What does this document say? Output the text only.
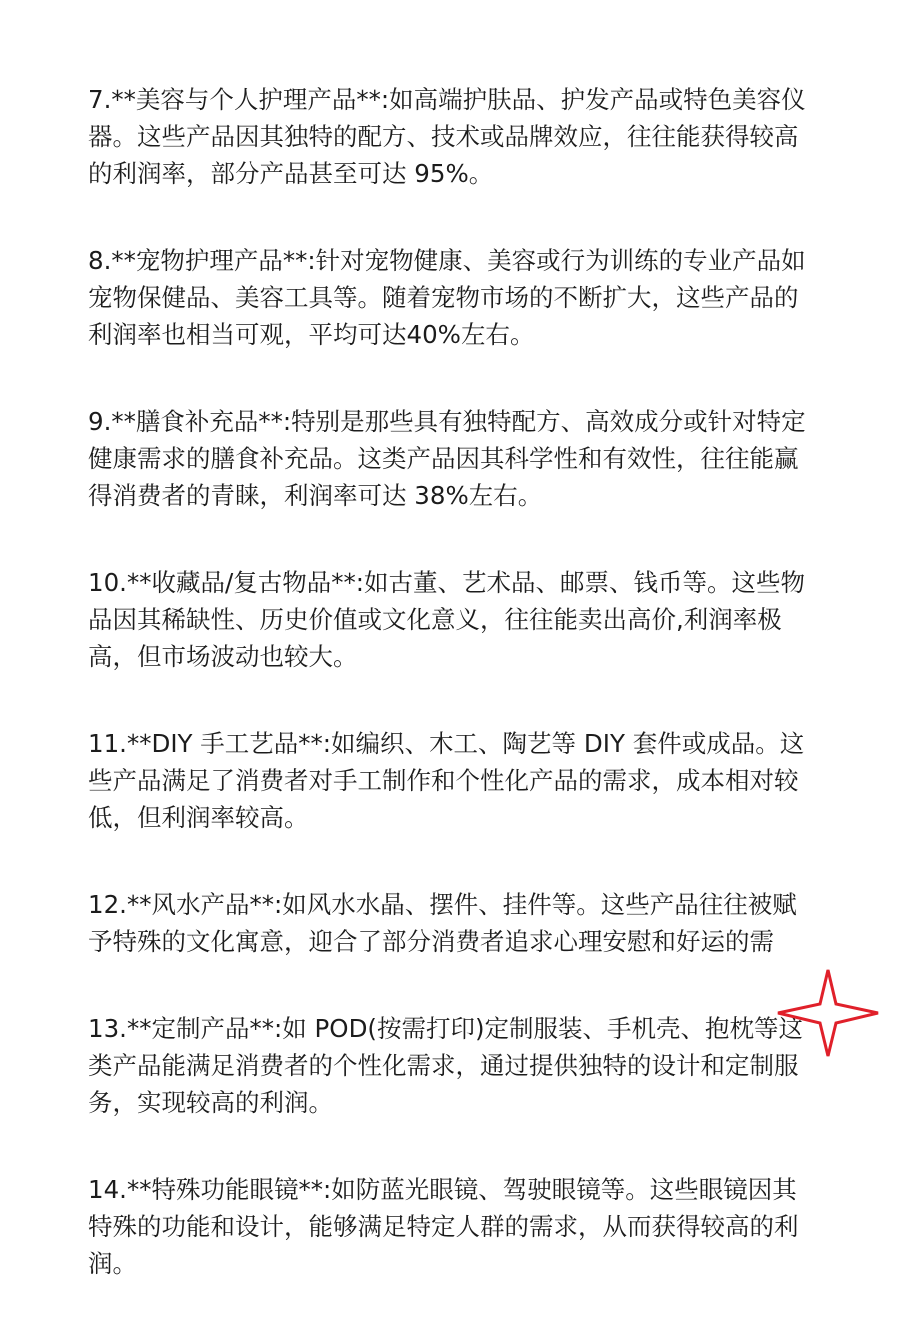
7.**美容与个人护理产品**:如高端护肤品、护发产品或特色美容仪器。这些产品因其独特的配方、技术或品牌效应，往往能获得较高的利润率，部分产品甚至可达 95%。

8.**宠物护理产品**:针对宠物健康、美容或行为训练的专业产品如宠物保健品、美容工具等。随着宠物市场的不断扩大，这些产品的利润率也相当可观，平均可达40%左右。

9.**膳食补充品**:特别是那些具有独特配方、高效成分或针对特定健康需求的膳食补充品。这类产品因其科学性和有效性，往往能赢得消费者的青睐，利润率可达 38%左右。

10.**收藏品/复古物品**:如古董、艺术品、邮票、钱币等。这些物品因其稀缺性、历史价值或文化意义，往往能卖出高价,利润率极高，但市场波动也较大。

11.**DIY 手工艺品**:如编织、木工、陶艺等 DIY 套件或成品。这些产品满足了消费者对手工制作和个性化产品的需求，成本相对较低，但利润率较高。

12.**风水产品**:如风水水晶、摆件、挂件等。这些产品往往被赋予特殊的文化寓意，迎合了部分消费者追求心理安慰和好运的需

13.**定制产品**:如 POD(按需打印)定制服装、手机壳、抱枕等这类产品能满足消费者的个性化需求，通过提供独特的设计和定制服务，实现较高的利润。

14.**特殊功能眼镜**:如防蓝光眼镜、驾驶眼镜等。这些眼镜因其特殊的功能和设计，能够满足特定人群的需求，从而获得较高的利润。
